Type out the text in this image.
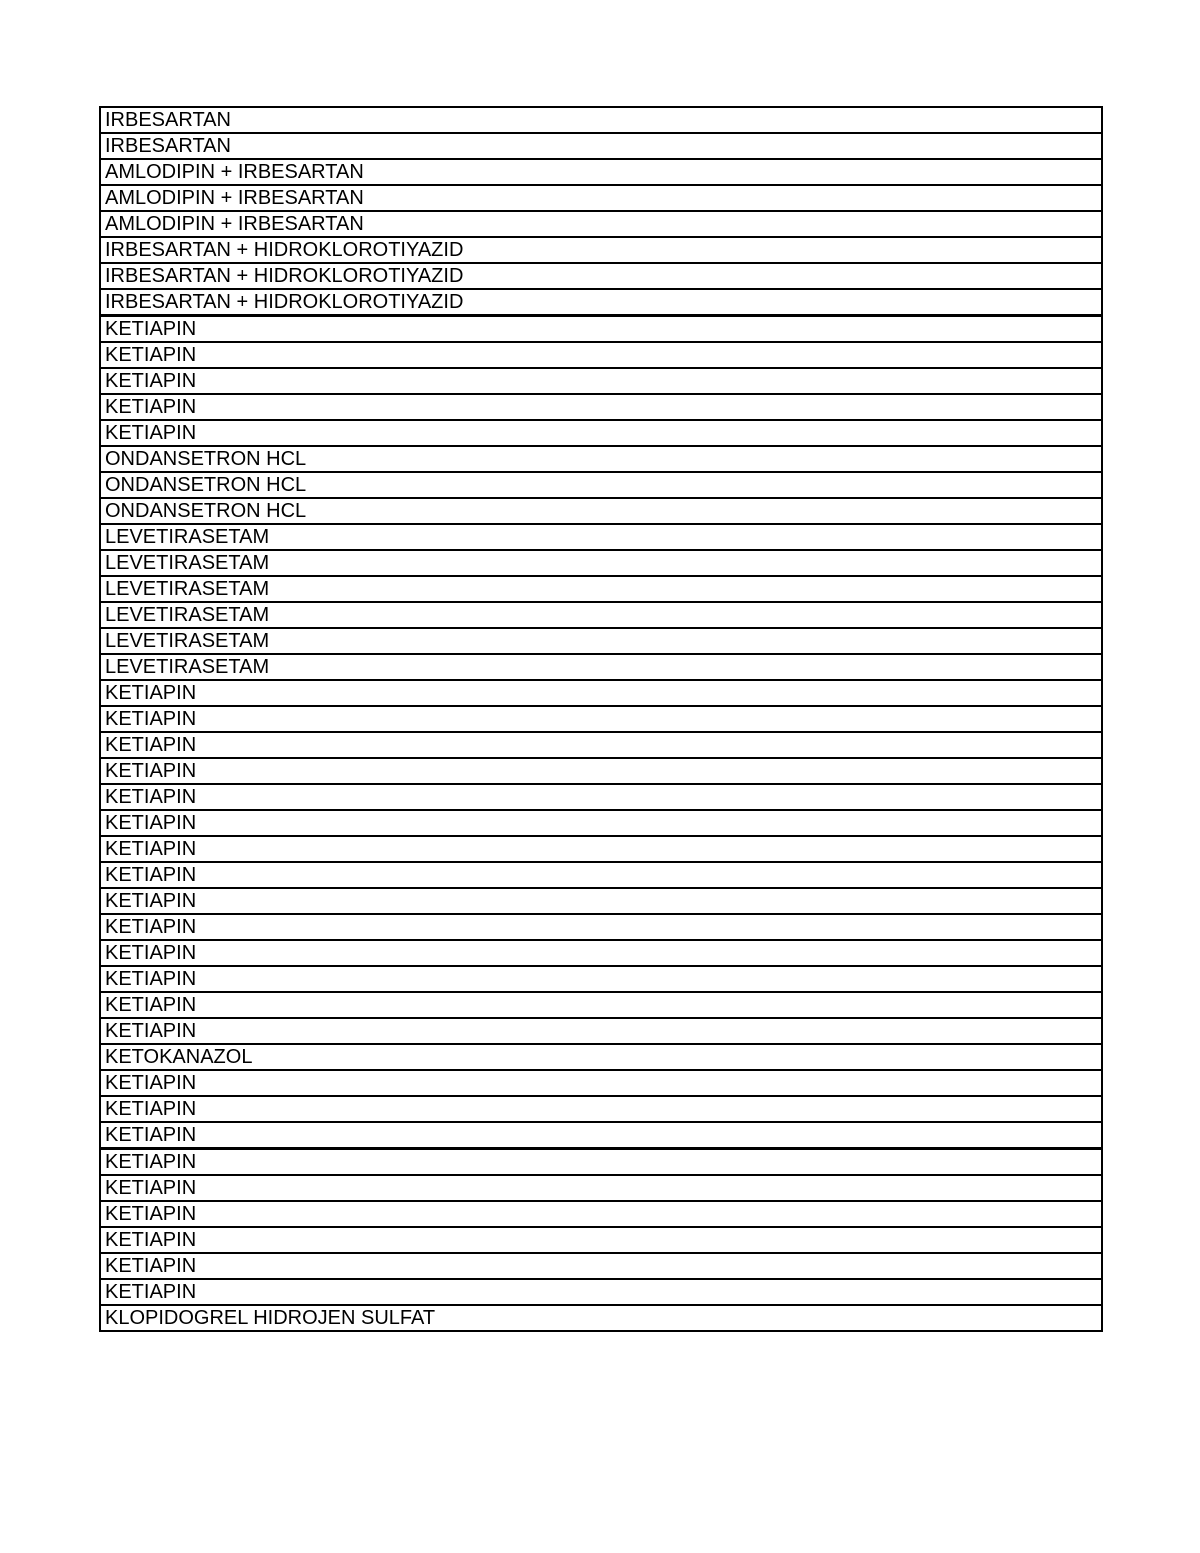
IRBESARTAN
IRBESARTAN
AMLODIPIN + IRBESARTAN
AMLODIPIN + IRBESARTAN
AMLODIPIN + IRBESARTAN
IRBESARTAN + HIDROKLOROTIYAZID
IRBESARTAN + HIDROKLOROTIYAZID
IRBESARTAN + HIDROKLOROTIYAZID
KETIAPIN
KETIAPIN
KETIAPIN
KETIAPIN
KETIAPIN
ONDANSETRON HCL
ONDANSETRON HCL
ONDANSETRON HCL
LEVETIRASETAM
LEVETIRASETAM
LEVETIRASETAM
LEVETIRASETAM
LEVETIRASETAM
LEVETIRASETAM
KETIAPIN
KETIAPIN
KETIAPIN
KETIAPIN
KETIAPIN
KETIAPIN
KETIAPIN
KETIAPIN
KETIAPIN
KETIAPIN
KETIAPIN
KETIAPIN
KETIAPIN
KETIAPIN
KETOKANAZOL
KETIAPIN
KETIAPIN
KETIAPIN
KETIAPIN
KETIAPIN
KETIAPIN
KETIAPIN
KETIAPIN
KETIAPIN
KLOPIDOGREL HIDROJEN SULFAT
